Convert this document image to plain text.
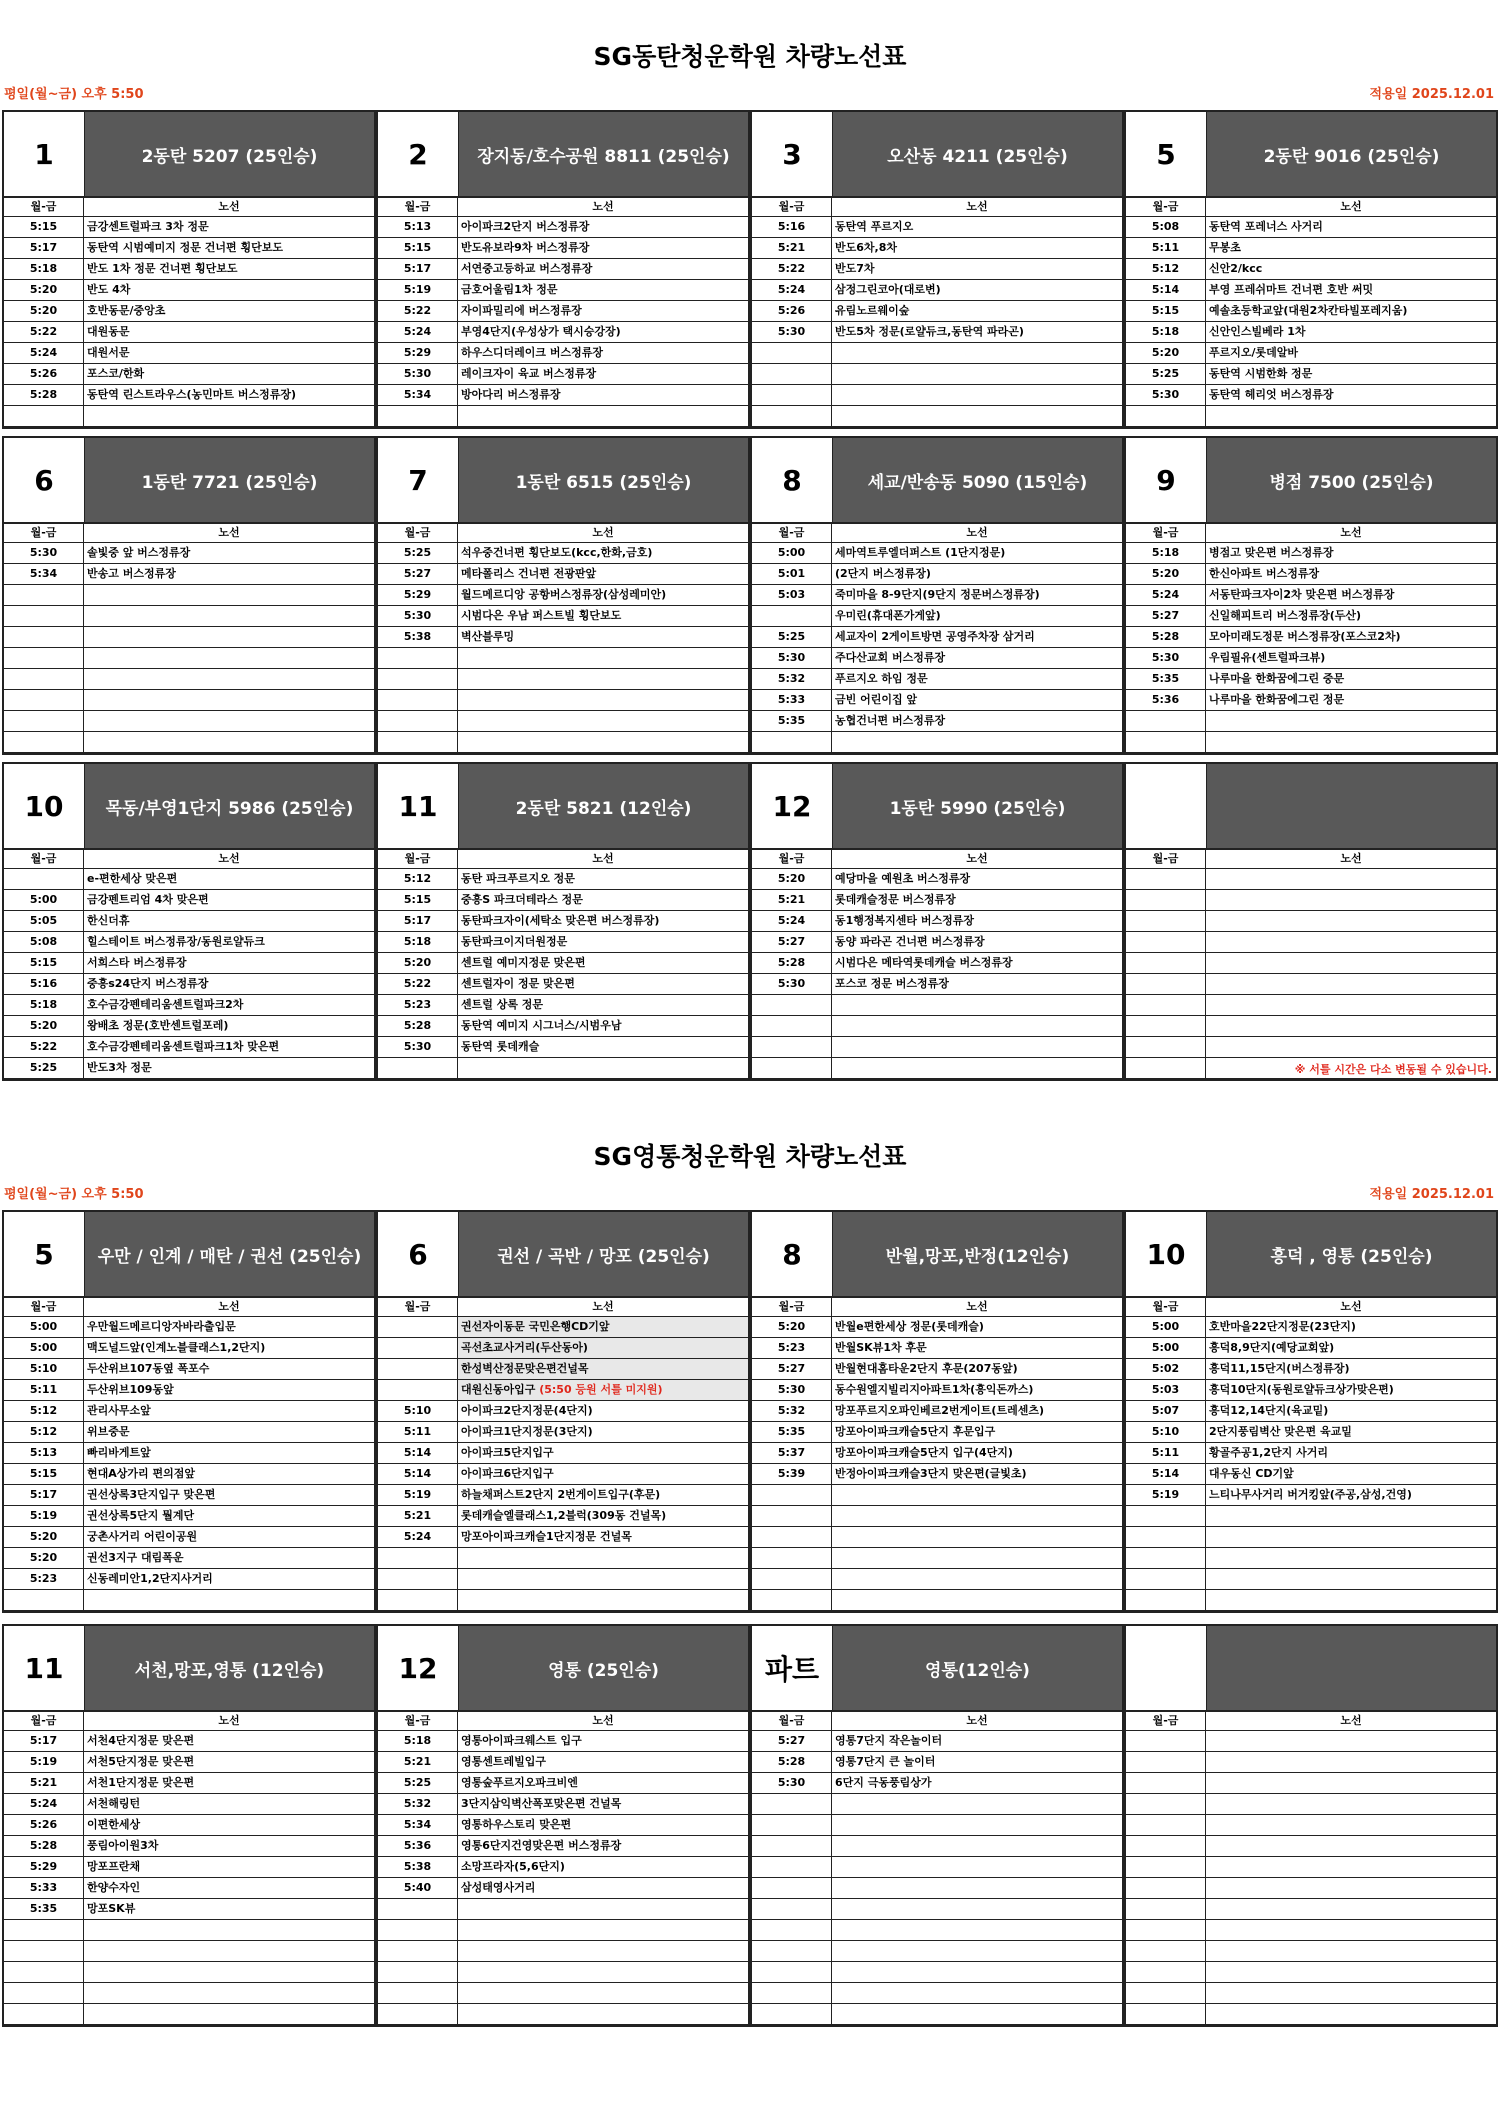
SG동탄청운학원 차량노선표
평일(월~금) 오후 5:50	적용일 2025.12.01
1	2동탄 5207 (25인승)
월-금	노선
5:15	금강센트럴파크 3차 정문
5:17	동탄역 시범예미지 정문 건너편 횡단보도
5:18	반도 1차 정문 건너편 횡단보도
5:20	반도 4차
5:20	호반동문/중앙초
5:22	대원동문
5:24	대원서문
5:26	포스코/한화
5:28	동탄역 린스트라우스(농민마트 버스정류장)
2	장지동/호수공원 8811 (25인승)
월-금	노선
5:13	아이파크2단지 버스정류장
5:15	반도유보라9차 버스정류장
5:17	서연중고등하교 버스정류장
5:19	금호어울림1차 정문
5:22	자이파밀리에 버스정류장
5:24	부영4단지(우성상가 택시승강장)
5:29	하우스디더레이크 버스정류장
5:30	레이크자이 육교 버스정류장
5:34	방아다리 버스정류장
3	오산동 4211 (25인승)
월-금	노선
5:16	동탄역 푸르지오
5:21	반도6차,8차
5:22	반도7차
5:24	삼정그린코아(대로변)
5:26	유림노르웨이숲
5:30	반도5차 정문(로얄듀크,동탄역 파라곤)
5	2동탄 9016 (25인승)
월-금	노선
5:08	동탄역 포레너스 사거리
5:11	무봉초
5:12	신안2/kcc
5:14	부영 프레쉬마트 건너편 호반 써밋
5:15	예솔초등학교앞(대원2차칸타빌포레지움)
5:18	신안인스빌베라 1차
5:20	푸르지오/롯데알바
5:25	동탄역 시범한화 정문
5:30	동탄역 헤리엇 버스정류장
6	1동탄 7721 (25인승)
월-금	노선
5:30	솔빛중 앞 버스정류장
5:34	반송고 버스정류장
7	1동탄 6515 (25인승)
월-금	노선
5:25	석우중건너편 횡단보도(kcc,한화,금호)
5:27	메타폴리스 건너편 전광판앞
5:29	월드메르디앙 공항버스정류장(삼성레미안)
5:30	시범다은 우남 퍼스트빌 횡단보도
5:38	벽산블루밍
8	세교/반송동 5090 (15인승)
월-금	노선
5:00	세마역트루엘더퍼스트 (1단지정문)
5:01	(2단지 버스정류장)
5:03	죽미마을 8-9단지(9단지 정문버스정류장)
우미린(휴대폰가게앞)
5:25	세교자이 2게이트방면 공영주차장 삼거리
5:30	주다산교회 버스정류장
5:32	푸르지오 하임 정문
5:33	금빈 어린이집 앞
5:35	농협건너편 버스정류장
9	병점 7500 (25인승)
월-금	노선
5:18	병점고 맞은편 버스정류장
5:20	한신아파트 버스정류장
5:24	서동탄파크자이2차 맞은편 버스정류장
5:27	신일해피트리 버스정류장(두산)
5:28	모아미래도정문 버스정류장(포스코2차)
5:30	우림필유(센트럴파크뷰)
5:35	나루마을 한화꿈에그린 중문
5:36	나루마을 한화꿈에그린 정문
10	목동/부영1단지 5986 (25인승)
월-금	노선
e-편한세상 맞은편
5:00	금강펜트리엄 4차 맞은편
5:05	한신더휴
5:08	힐스테이트 버스정류장/동원로얄듀크
5:15	서희스타 버스정류장
5:16	중흥s24단지 버스정류장
5:18	호수금강펜테리움센트럴파크2차
5:20	왕배초 정문(호반센트럴포레)
5:22	호수금강펜테리움센트럴파크1차 맞은편
5:25	반도3차 정문
11	2동탄 5821 (12인승)
월-금	노선
5:12	동탄 파크푸르지오 정문
5:15	중흥S 파크더테라스 정문
5:17	동탄파크자이(세탁소 맞은편 버스정류장)
5:18	동탄파크이지더원정문
5:20	센트럴 예미지정문 맞은편
5:22	센트럴자이 정문 맞은편
5:23	센트럴 상록 정문
5:28	동탄역 예미지 시그너스/시범우남
5:30	동탄역 롯데캐슬
12	1동탄 5990 (25인승)
월-금	노선
5:20	예당마을 예원초 버스정류장
5:21	롯데캐슬정문 버스정류장
5:24	동1행정복지센타 버스정류장
5:27	동양 파라곤 건너편 버스정류장
5:28	시범다은 메타역롯데캐슬 버스정류장
5:30	포스코 정문 버스정류장
월-금	노선
※ 서틀 시간은 다소 변동될 수 있습니다.
SG영통청운학원 차량노선표
평일(월~금) 오후 5:50	적용일 2025.12.01
5	우만 / 인계 / 매탄 / 권선 (25인승)
월-금	노선
5:00	우만월드메르디앙자바라출입문
5:00	맥도널드앞(인계노블클래스1,2단지)
5:10	두산위브107동옆 폭포수
5:11	두산위브109동앞
5:12	관리사무소앞
5:12	위브중문
5:13	빠리바게트앞
5:15	현대A상가리 편의점앞
5:17	권선상록3단지입구 맞은편
5:19	권선상록5단지 뭘계단
5:20	궁촌사거리 어린이공원
5:20	권선3지구 대림폭운
5:23	신동레미안1,2단지사거리
6	권선 / 곡반 / 망포 (25인승)
월-금	노선
권선자이동문 국민은행CD기앞
곡선초교사거리(두산동아)
한성벽산정문맞은편건널목
대원신동아입구 (5:50 등원 서틀 미지원)
5:10	아이파크2단지정문(4단지)
5:11	아이파크1단지정문(3단지)
5:14	아이파크5단지입구
5:14	아이파크6단지입구
5:19	하늘채퍼스트2단지 2번게이트입구(후문)
5:21	롯데캐슬엘클래스1,2블럭(309동 건널목)
5:24	망포아이파크캐슬1단지정문 건널목
8	반월,망포,반정(12인승)
월-금	노선
5:20	반월e편한세상 정문(롯데캐슬)
5:23	반월SK뷰1차 후문
5:27	반월현대홈타운2단지 후문(207동앞)
5:30	동수원엘지빌리지아파트1차(흥익돈까스)
5:32	망포푸르지오파인베르2번게이트(트레센츠)
5:35	망포아이파크캐슬5단지 후문입구
5:37	망포아이파크캐슬5단지 입구(4단지)
5:39	반정아이파크캐슬3단지 맞은편(글빛초)
10	흥덕 , 영통 (25인승)
월-금	노선
5:00	호반마을22단지정문(23단지)
5:00	흥덕8,9단지(예당교회앞)
5:02	흥덕11,15단지(버스정류장)
5:03	흥덕10단지(동원로얄듀크상가맞은편)
5:07	흥덕12,14단지(육교밑)
5:10	2단지풍림벽산 맞은편 육교밑
5:11	황골주공1,2단지 사거리
5:14	대우동신 CD기앞
5:19	느티나무사거리 버거킹앞(주공,삼성,건영)
11	서천,망포,영통 (12인승)
월-금	노선
5:17	서천4단지정문 맞은편
5:19	서천5단지정문 맞은편
5:21	서천1단지정문 맞은편
5:24	서천해링턴
5:26	이편한세상
5:28	풍림아이원3차
5:29	망포프란채
5:33	한양수자인
5:35	망포SK뷰
12	영통 (25인승)
월-금	노선
5:18	영통아이파크웨스트 입구
5:21	영통센트레빌입구
5:25	영통숲푸르지오파크비엔
5:32	3단지삼익벽산폭포맞은편 건널목
5:34	영통하우스토리 맞은편
5:36	영통6단지건영맞은편 버스정류장
5:38	소망프라자(5,6단지)
5:40	삼성태영사거리
파트	영통(12인승)
월-금	노선
5:27	영통7단지 작은놀이터
5:28	영통7단지 큰 놀이터
5:30	6단지 극동풍림상가
월-금	노선
